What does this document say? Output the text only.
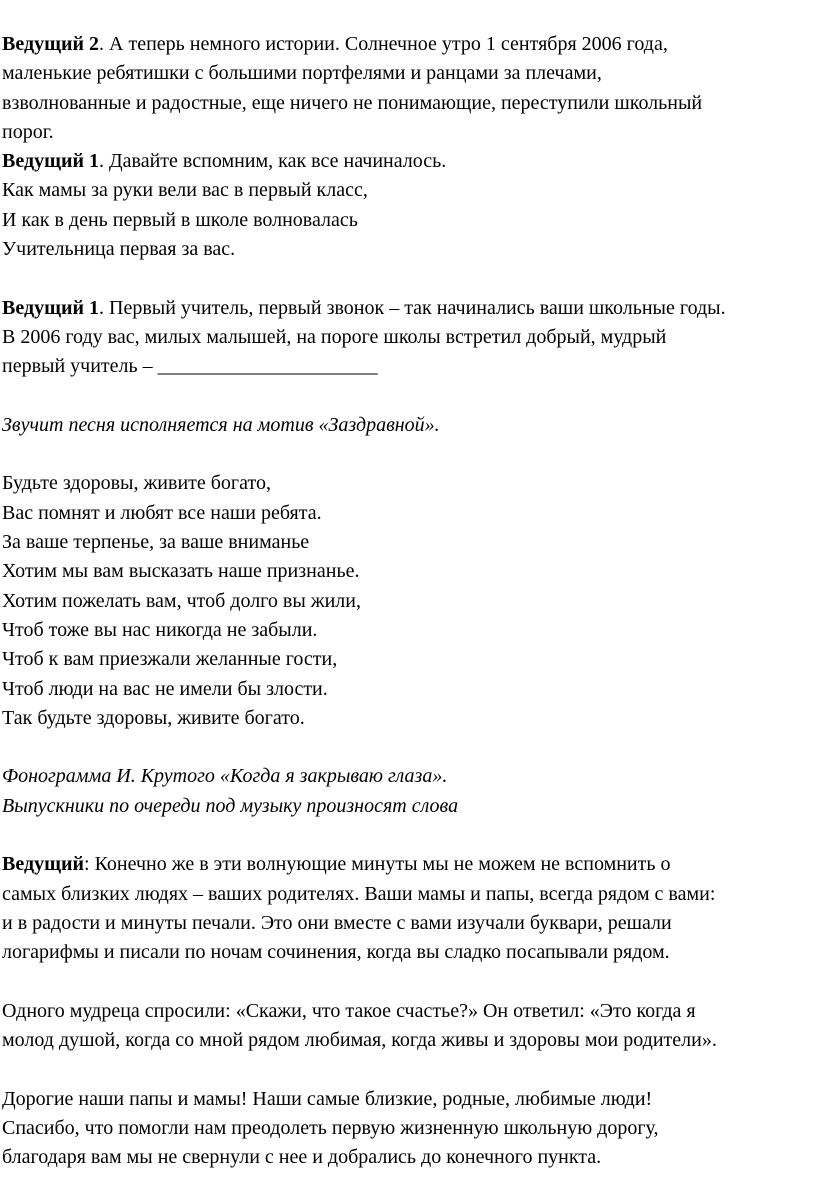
Ведущий 2. А теперь немного истории. Солнечное утро 1 сентября 2006 года,
маленькие ребятишки с большими портфелями и ранцами за плечами,
взволнованные и радостные, еще ничего не понимающие, переступили школьный
порог.
Ведущий 1. Давайте вспомним, как все начиналось.
Как мамы за руки вели вас в первый класс,
И как в день первый в школе волновалась
Учительница первая за вас.
Ведущий 1. Первый учитель, первый звонок – так начинались ваши школьные годы.
В 2006 году вас, милых малышей, на пороге школы встретил добрый, мудрый
первый учитель – ______________________
Звучит песня исполняется на мотив «Заздравной».
Будьте здоровы, живите богато,
Вас помнят и любят все наши ребята.
За ваше терпенье, за ваше вниманье
Хотим мы вам высказать наше признанье.
Хотим пожелать вам, чтоб долго вы жили,
Чтоб тоже вы нас никогда не забыли.
Чтоб к вам приезжали желанные гости,
Чтоб люди на вас не имели бы злости.
Так будьте здоровы, живите богато.
Фонограмма И. Крутого «Когда я закрываю глаза».
Выпускники по очереди под музыку произносят слова
Ведущий: Конечно же в эти волнующие минуты мы не можем не вспомнить о
самых близких людях – ваших родителях. Ваши мамы и папы, всегда рядом с вами:
и в радости и минуты печали. Это они вместе с вами изучали буквари, решали
логарифмы и писали по ночам сочинения, когда вы сладко посапывали рядом.
Одного мудреца спросили: «Скажи, что такое счастье?» Он ответил: «Это когда я
молод душой, когда со мной рядом любимая, когда живы и здоровы мои родители».
Дорогие наши папы и мамы! Наши самые близкие, родные, любимые люди!
Спасибо, что помогли нам преодолеть первую жизненную школьную дорогу,
благодаря вам мы не свернули с нее и добрались до конечного пункта.
